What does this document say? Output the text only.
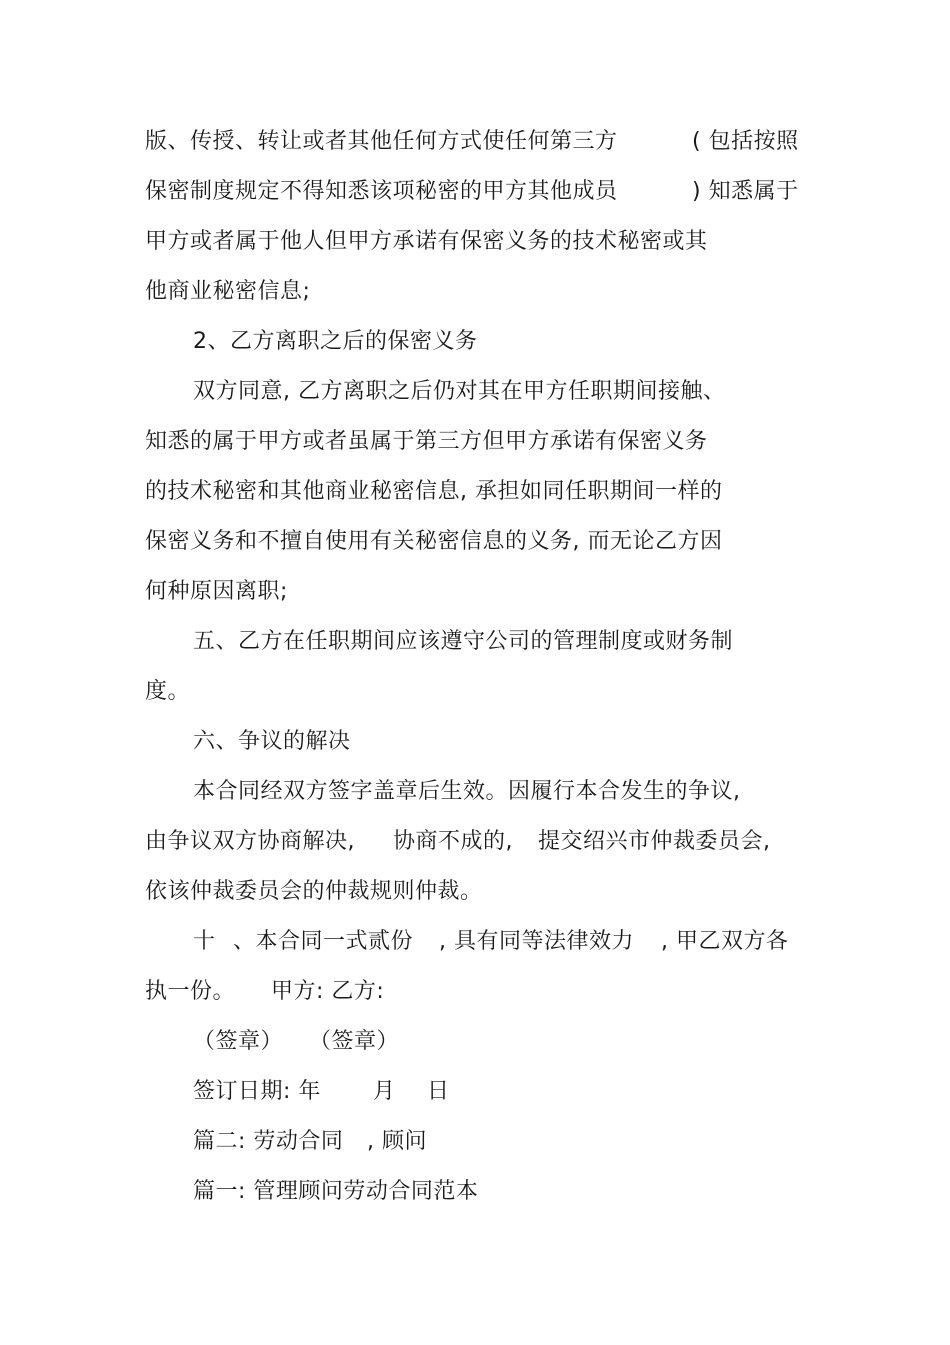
版、传授、转让或者其他任何方式使任何第三方	( 包括按照
保密制度规定不得知悉该项秘密的甲方其他成员	) 知悉属于
甲方或者属于他人但甲方承诺有保密义务的技术秘密或其
他商业秘密信息;
2、乙方离职之后的保密义务
双方同意, 乙方离职之后仍对其在甲方任职期间接触、
知悉的属于甲方或者虽属于第三方但甲方承诺有保密义务
的技术秘密和其他商业秘密信息, 承担如同任职期间一样的
保密义务和不擅自使用有关秘密信息的义务, 而无论乙方因
何种原因离职;
五、乙方在任职期间应该遵守公司的管理制度或财务制
度。
六、争议的解决
本合同经双方签字盖章后生效。因履行本合发生的争议,
由争议双方协商解决, 协商不成的, 提交绍兴市仲裁委员会,
依该仲裁委员会的仲裁规则仲裁。
十 、本合同一式贰份 , 具有同等法律效力 , 甲乙双方各
执一份。 甲方: 乙方:
（签章） （签章）
签订日期: 年 月 日
篇二: 劳动合同 , 顾问
篇一: 管理顾问劳动合同范本
